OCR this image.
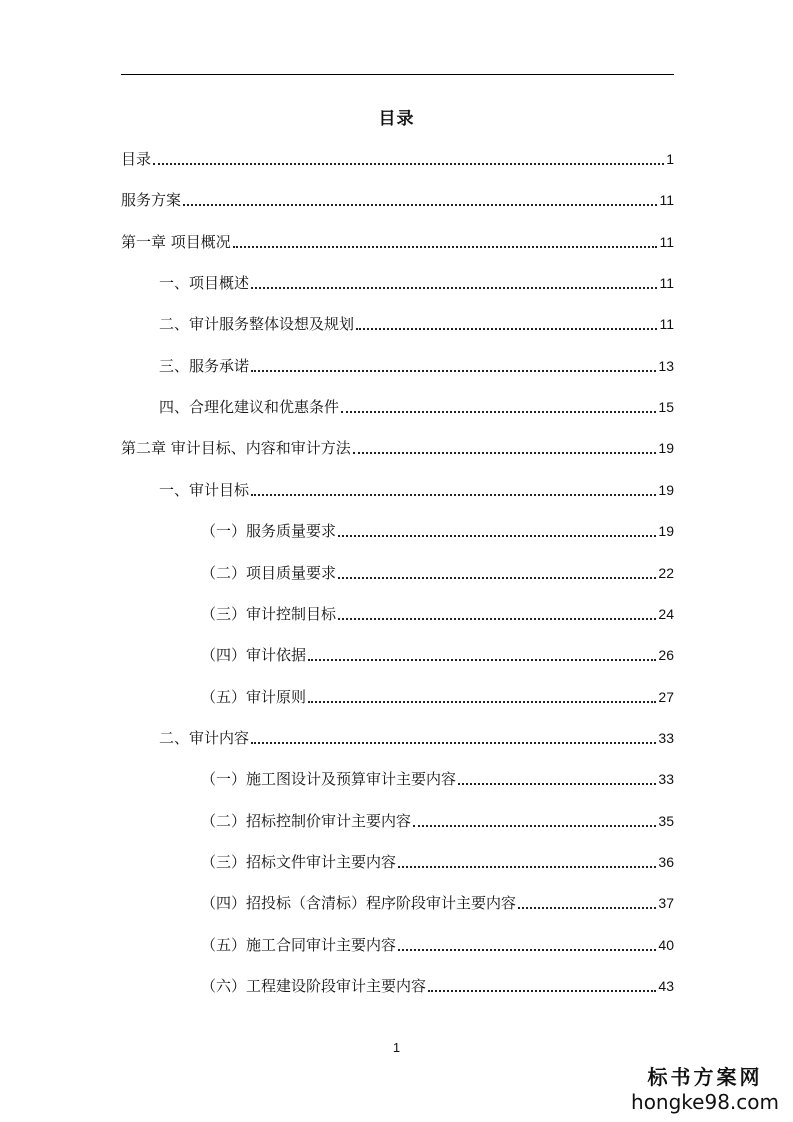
目录
目录	1
服务方案	11
第一章 项目概况	11
一、项目概述	11
二、审计服务整体设想及规划	11
三、服务承诺	13
四、合理化建议和优惠条件	15
第二章 审计目标、内容和审计方法	19
一、审计目标	19
（一）服务质量要求	19
（二）项目质量要求	22
（三）审计控制目标	24
（四）审计依据	26
（五）审计原则	27
二、审计内容	33
（一）施工图设计及预算审计主要内容	33
（二）招标控制价审计主要内容	35
（三）招标文件审计主要内容	36
（四）招投标（含清标）程序阶段审计主要内容	37
（五）施工合同审计主要内容	40
（六）工程建设阶段审计主要内容	43
1
标书方案网
hongke98.com
